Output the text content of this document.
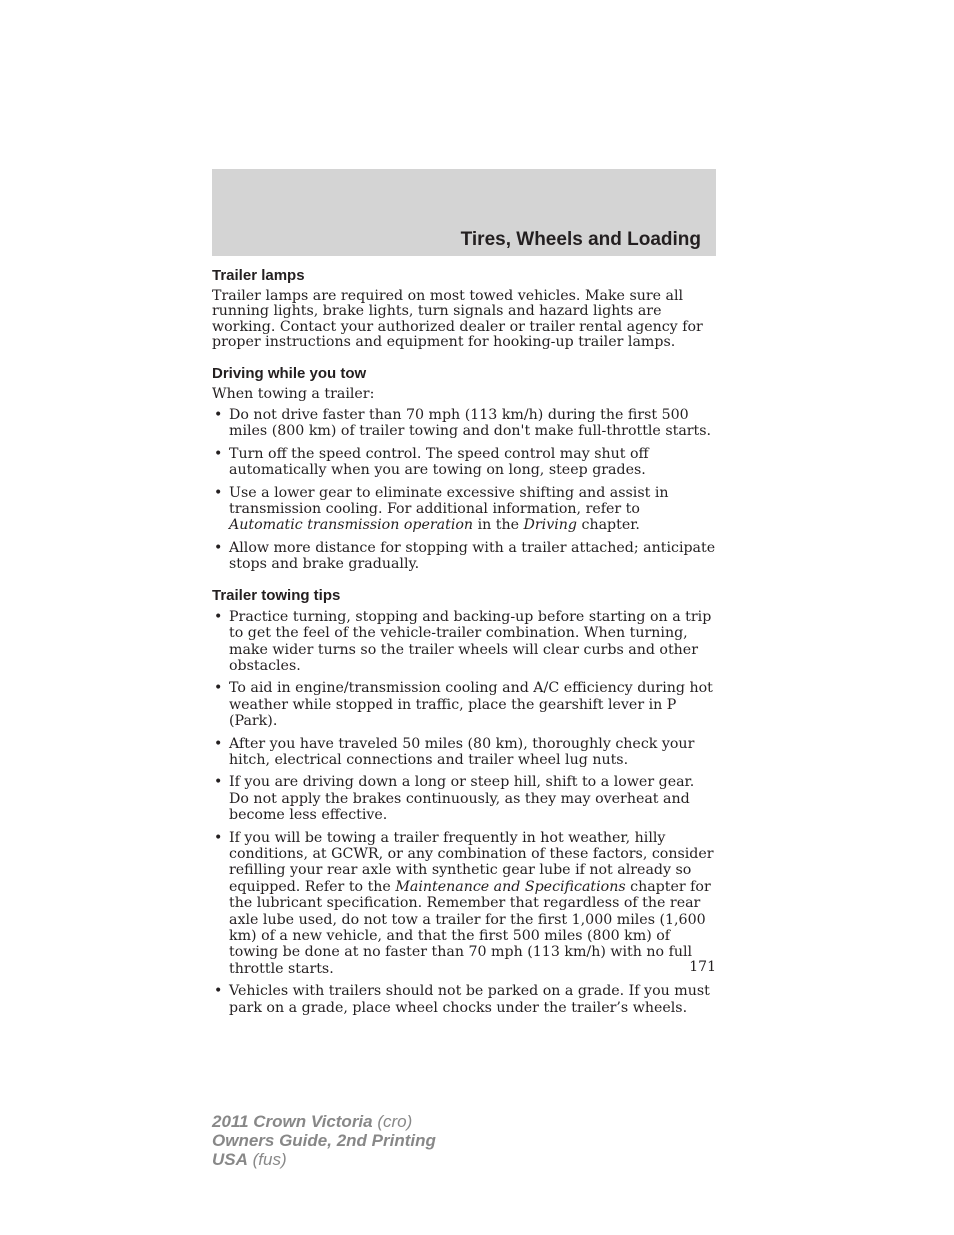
Tires, Wheels and Loading
Trailer lamps

Trailer lamps are required on most towed vehicles. Make sure all running lights, brake lights, turn signals and hazard lights are working. Contact your authorized dealer or trailer rental agency for proper instructions and equipment for hooking-up trailer lamps.

Driving while you tow

When towing a trailer:

• Do not drive faster than 70 mph (113 km/h) during the first 500 miles (800 km) of trailer towing and don't make full-throttle starts.
• Turn off the speed control. The speed control may shut off automatically when you are towing on long, steep grades.
• Use a lower gear to eliminate excessive shifting and assist in transmission cooling. For additional information, refer to Automatic transmission operation in the Driving chapter.
• Allow more distance for stopping with a trailer attached; anticipate stops and brake gradually.
Trailer towing tips
• Practice turning, stopping and backing-up before starting on a trip to get the feel of the vehicle-trailer combination. When turning, make wider turns so the trailer wheels will clear curbs and other obstacles.
• To aid in engine/transmission cooling and A/C efficiency during hot weather while stopped in traffic, place the gearshift lever in P (Park).
• After you have traveled 50 miles (80 km), thoroughly check your hitch, electrical connections and trailer wheel lug nuts.
• If you are driving down a long or steep hill, shift to a lower gear. Do not apply the brakes continuously, as they may overheat and become less effective.
• If you will be towing a trailer frequently in hot weather, hilly conditions, at GCWR, or any combination of these factors, consider refilling your rear axle with synthetic gear lube if not already so equipped. Refer to the Maintenance and Specifications chapter for the lubricant specification. Remember that regardless of the rear axle lube used, do not tow a trailer for the first 1,000 miles (1,600 km) of a new vehicle, and that the first 500 miles (800 km) of towing be done at no faster than 70 mph (113 km/h) with no full throttle starts.
• Vehicles with trailers should not be parked on a grade. If you must park on a grade, place wheel chocks under the trailer’s wheels.
171
2011 Crown Victoria (cro)
Owners Guide, 2nd Printing
USA (fus)
